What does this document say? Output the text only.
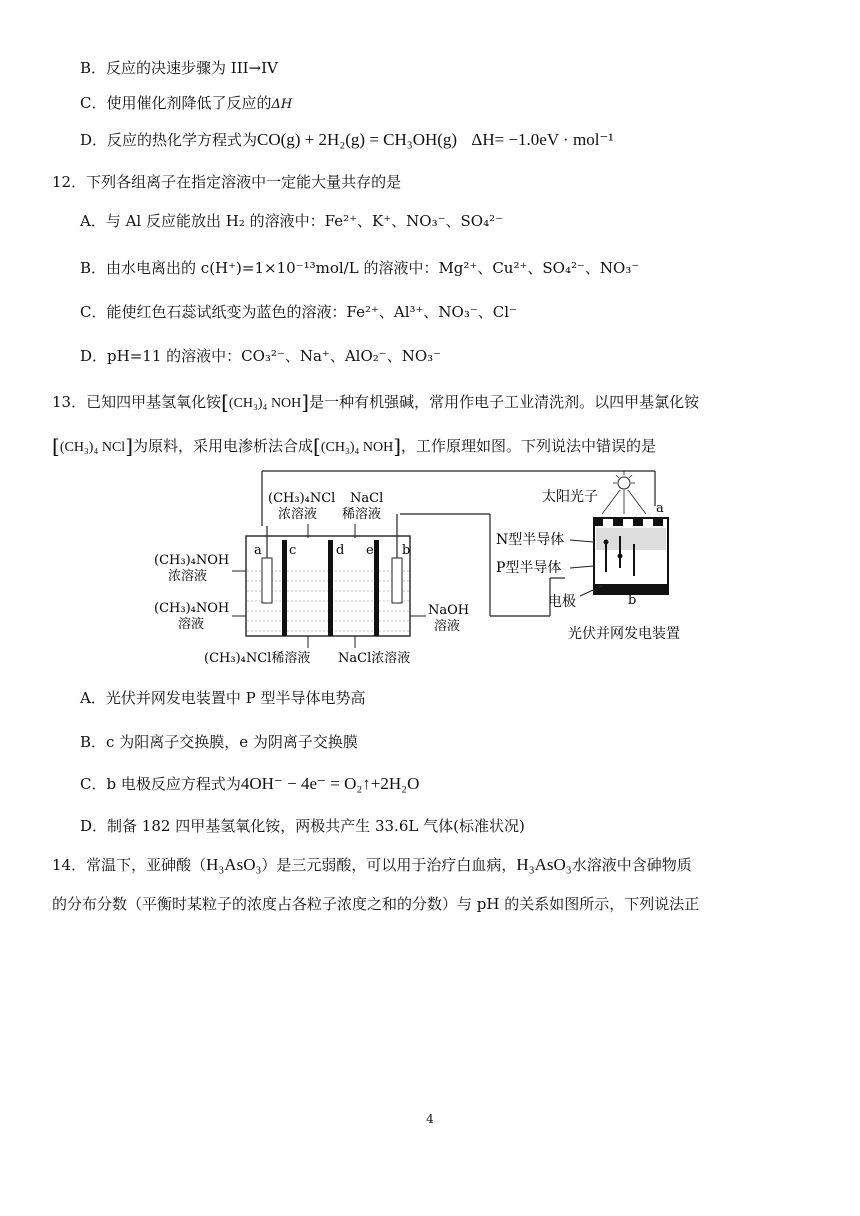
B．反应的决速步骤为 III→IV
C．使用催化剂降低了反应的ΔH
D．反应的热化学方程式为CO(g) + 2H₂(g) = CH₃OH(g) ΔH= −1.0eV · mol⁻¹
12．下列各组离子在指定溶液中一定能大量共存的是
A．与 Al 反应能放出 H₂ 的溶液中：Fe²⁺、K⁺、NO₃⁻、SO₄²⁻
B．由水电离出的 c(H⁺)=1×10⁻¹³mol/L 的溶液中：Mg²⁺、Cu²⁺、SO₄²⁻、NO₃⁻
C．能使红色石蕊试纸变为蓝色的溶液：Fe²⁺、Al³⁺、NO₃⁻、Cl⁻
D．pH=11 的溶液中：CO₃²⁻、Na⁺、AlO₂⁻、NO₃⁻
13．已知四甲基氢氧化铵[(CH₃)₄ NOH]是一种有机强碱，常用作电子工业清洗剂。以四甲基氯化铵
[(CH₃)₄ NCl]为原料，采用电渗析法合成[(CH₃)₄ NOH]，工作原理如图。下列说法中错误的是
a c	d e b
(CH₃)₄NCl
浓溶液
NaCl
稀溶液
(CH₃)₄NOH
浓溶液
(CH₃)₄NOH
溶液
NaOH
溶液
(CH₃)₄NCl稀溶液 NaCl浓溶液
太阳光子
N型半导体
P型半导体
电极
a
b
光伏并网发电装置
A．光伏并网发电装置中 P 型半导体电势高
B．c 为阳离子交换膜，e 为阴离子交换膜
C．b 电极反应方程式为4OH⁻ − 4e⁻ = O₂↑+2H₂O
D．制备 182 四甲基氢氧化铵，两极共产生 33.6L 气体(标准状况)
14．常温下，亚砷酸（H₃AsO₃）是三元弱酸，可以用于治疗白血病，H₃AsO₃水溶液中含砷物质
的分布分数（平衡时某粒子的浓度占各粒子浓度之和的分数）与 pH 的关系如图所示，下列说法正
4
